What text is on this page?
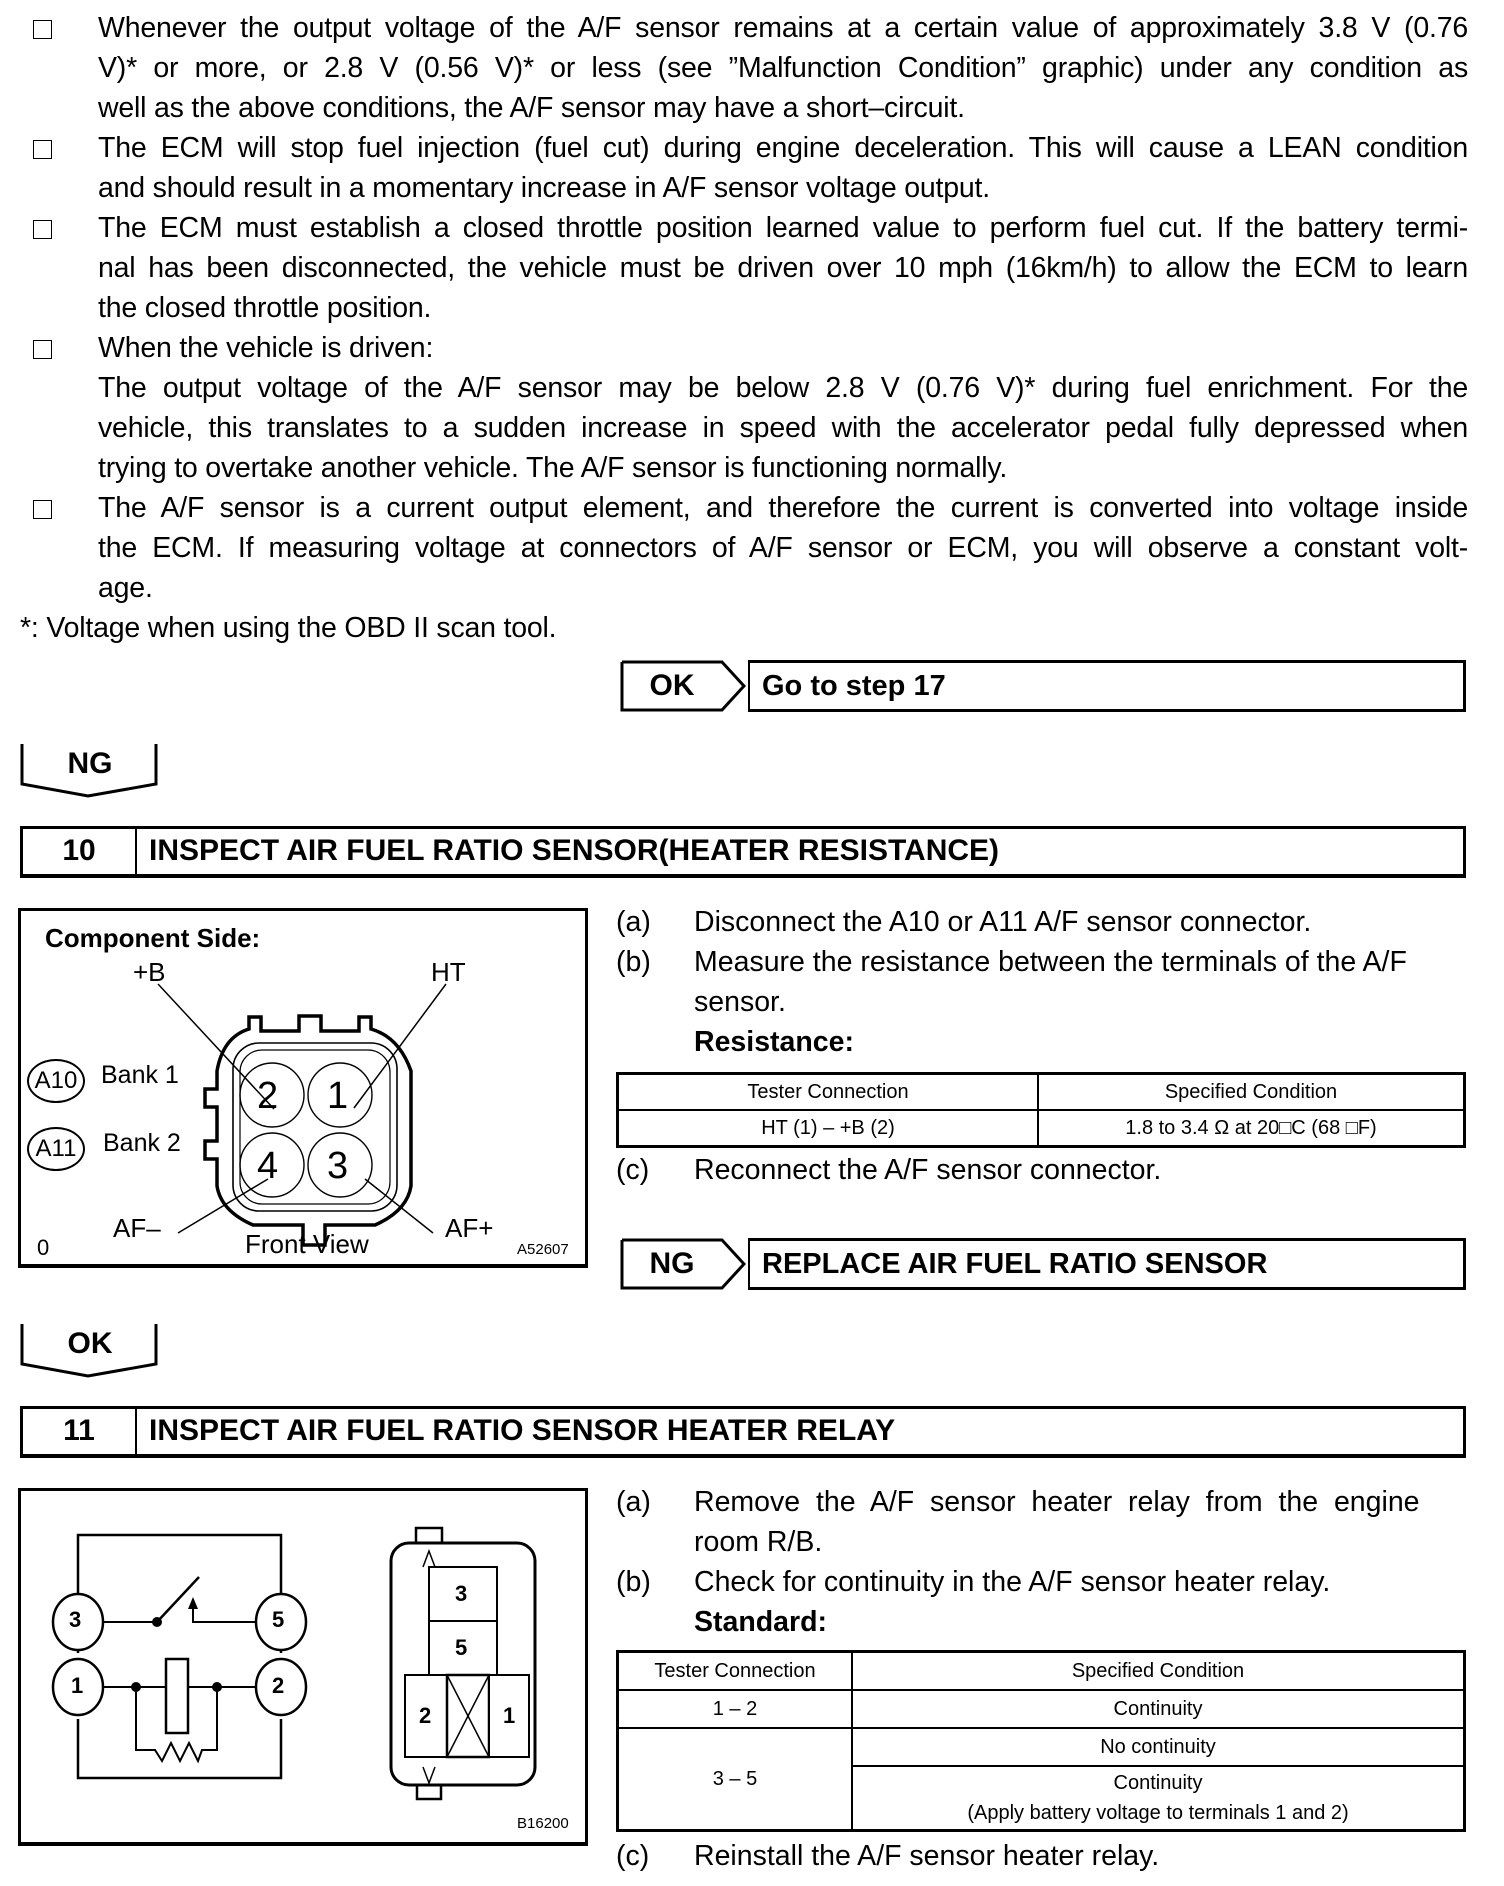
Whenever the output voltage of the A/F sensor remains at a certain value of approximately 3.8 V (0.76
V)* or more, or 2.8 V (0.56 V)* or less (see ”Malfunction Condition” graphic) under any condition as
well as the above conditions, the A/F sensor may have a short–circuit.
The ECM will stop fuel injection (fuel cut) during engine deceleration. This will cause a LEAN condition
and should result in a momentary increase in A/F sensor voltage output.
The ECM must establish a closed throttle position learned value to perform fuel cut. If the battery termi-
nal has been disconnected, the vehicle must be driven over 10 mph (16km/h) to allow the ECM to learn
the closed throttle position.
When the vehicle is driven:
The output voltage of the A/F sensor may be below 2.8 V (0.76 V)* during fuel enrichment. For the
vehicle, this translates to a sudden increase in speed with the accelerator pedal fully depressed when
trying to overtake another vehicle. The A/F sensor is functioning normally.
The A/F sensor is a current output element, and therefore the current is converted into voltage inside
the ECM. If measuring voltage at connectors of A/F sensor or ECM, you will observe a constant volt-
age.
*: Voltage when using the OBD II scan tool.
OK	Go to step 17
NG
10	INSPECT AIR FUEL RATIO SENSOR(HEATER RESISTANCE)
Component Side:
+B	HT
AF–	AF+
A10 Bank 1
A11	Bank 2
2 1
4 3
Front View
0	A52607
(a) Disconnect the A10 or A11 A/F sensor connector.
(b) Measure the resistance between the terminals of the A/F
sensor.
Resistance:
Tester Connection	Specified Condition
HT (1) – +B (2)	1.8 to 3.4 Ω at 20□C (68 □F)
(c) Reconnect the A/F sensor connector.
NG	REPLACE AIR FUEL RATIO SENSOR
OK
11	INSPECT AIR FUEL RATIO SENSOR HEATER RELAY
3	5
1	2
3
5
2	1
B16200
(a) Remove  the  A/F  sensor  heater  relay  from  the  engine
room R/B.
(b) Check for continuity in the A/F sensor heater relay.
Standard:
Tester Connection	Specified Condition
1 – 2	Continuity
3 – 5	No continuity

	Continuity
(Apply battery voltage to terminals 1 and 2)
(c) Reinstall the A/F sensor heater relay.
